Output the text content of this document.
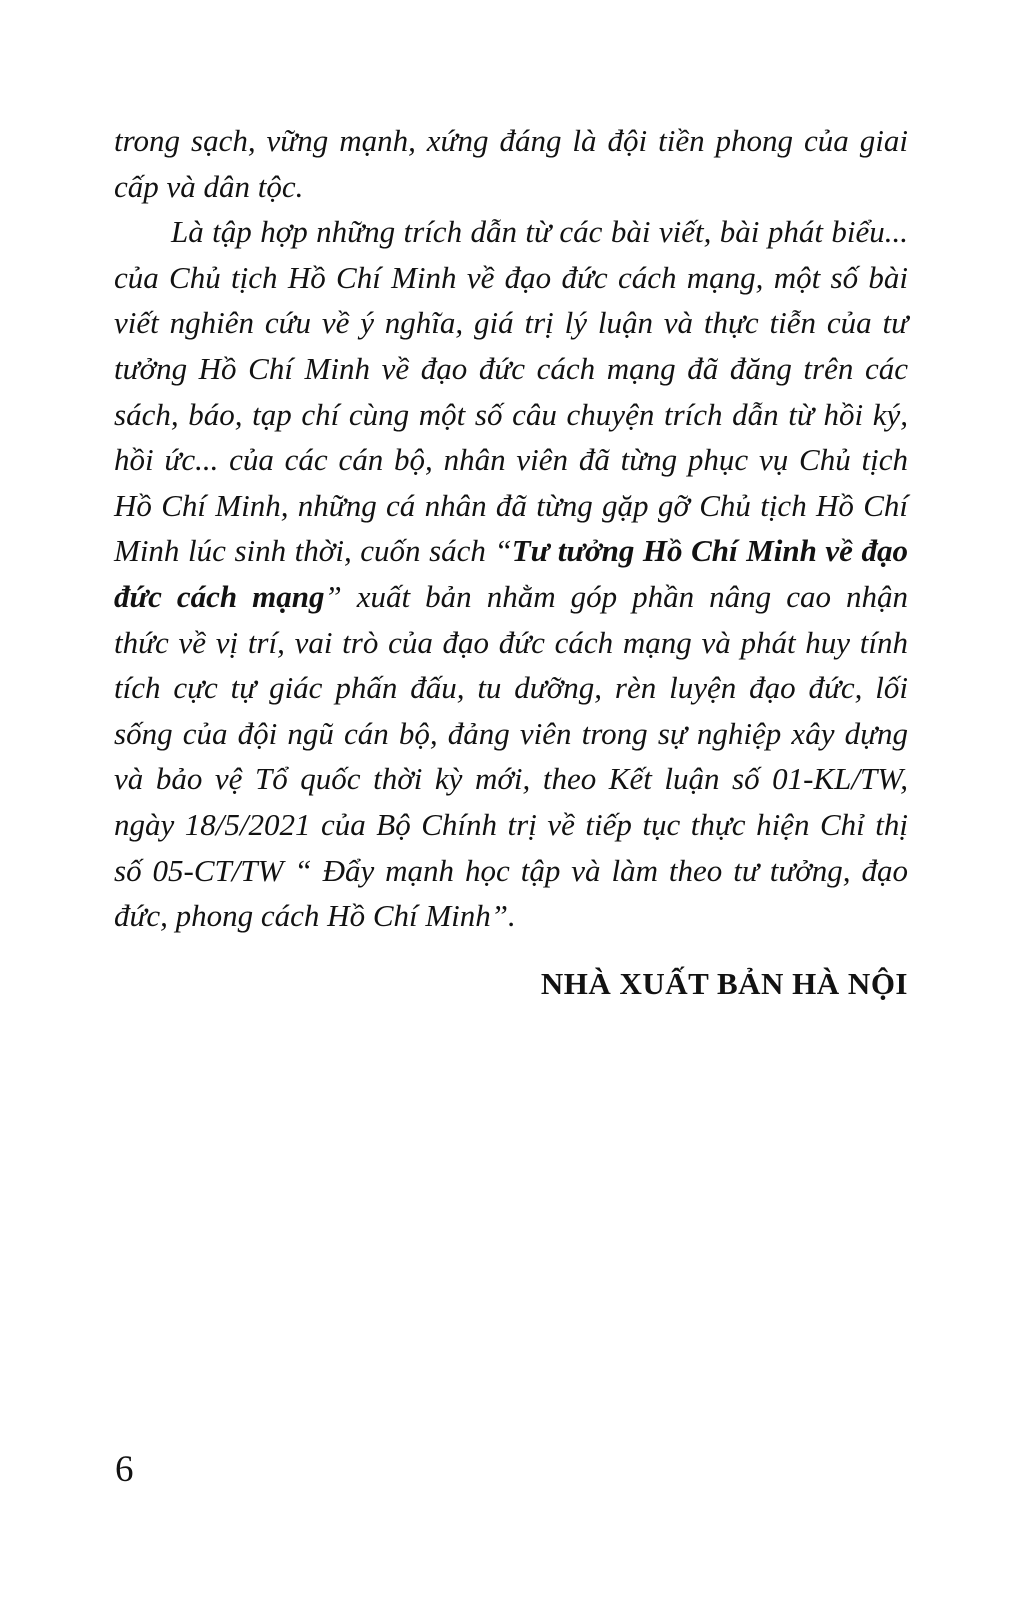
trong sạch, vững mạnh, xứng đáng là đội tiền phong của giai
cấp và dân tộc.
Là tập hợp những trích dẫn từ các bài viết, bài phát biểu...
của Chủ tịch Hồ Chí Minh về đạo đức cách mạng, một số bài
viết nghiên cứu về ý nghĩa, giá trị lý luận và thực tiễn của tư
tưởng Hồ Chí Minh về đạo đức cách mạng đã đăng trên các
sách, báo, tạp chí cùng một số câu chuyện trích dẫn từ hồi ký,
hồi ức... của các cán bộ, nhân viên đã từng phục vụ Chủ tịch
Hồ Chí Minh, những cá nhân đã từng gặp gỡ Chủ tịch Hồ Chí
Minh lúc sinh thời, cuốn sách “Tư tưởng Hồ Chí Minh về đạo
đức cách mạng” xuất bản nhằm góp phần nâng cao nhận
thức về vị trí, vai trò của đạo đức cách mạng và phát huy tính
tích cực tự giác phấn đấu, tu dưỡng, rèn luyện đạo đức, lối
sống của đội ngũ cán bộ, đảng viên trong sự nghiệp xây dựng
và bảo vệ Tổ quốc thời kỳ mới, theo Kết luận số 01-KL/TW,
ngày 18/5/2021 của Bộ Chính trị về tiếp tục thực hiện Chỉ thị
số 05-CT/TW “ Đẩy mạnh học tập và làm theo tư tưởng, đạo
đức, phong cách Hồ Chí Minh”.
NHÀ XUẤT BẢN HÀ NỘI
6
